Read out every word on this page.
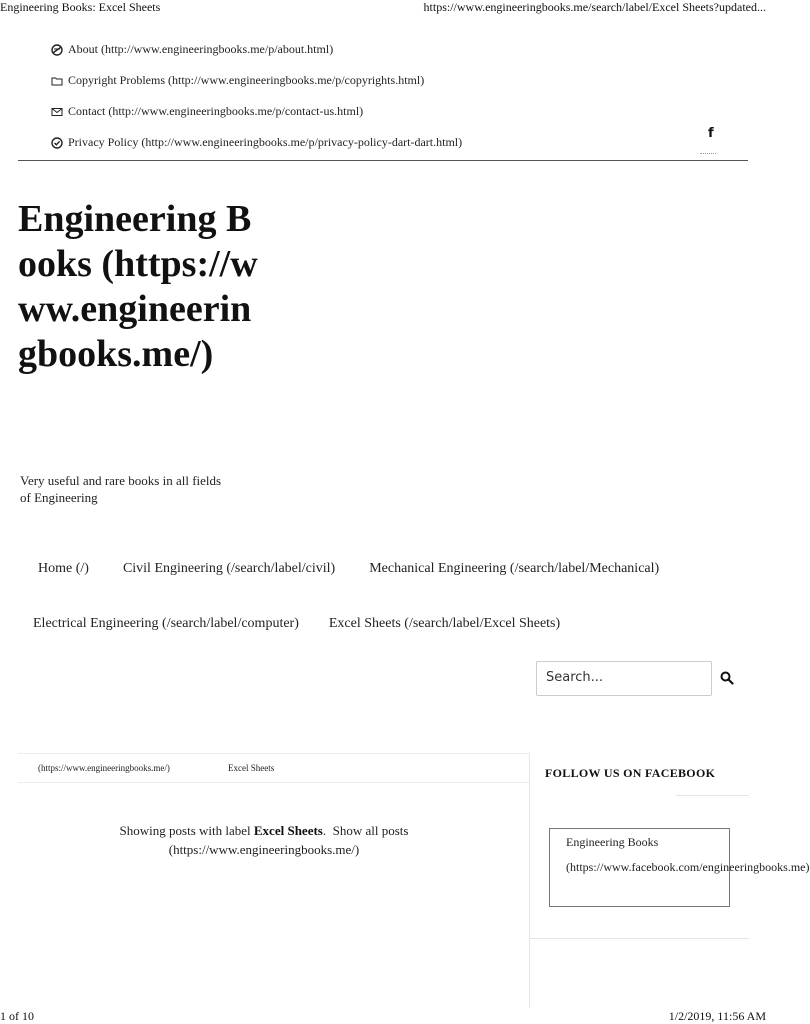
Engineering Books: Excel Sheets	https://www.engineeringbooks.me/search/label/Excel Sheets?updated...
About (http://www.engineeringbooks.me/p/about.html)
Copyright Problems (http://www.engineeringbooks.me/p/copyrights.html)
Contact (http://www.engineeringbooks.me/p/contact-us.html)
Privacy Policy (http://www.engineeringbooks.me/p/privacy-policy-dart-dart.html)
f
Engineering Books (https://www.engineeringbooks.me/)
Very useful and rare books in all fields of Engineering
Home (/) Civil Engineering (/search/label/civil) Mechanical Engineering (/search/label/Mechanical)
Electrical Engineering (/search/label/computer) Excel Sheets (/search/label/Excel Sheets)
Search...
(https://www.engineeringbooks.me/)	Excel Sheets
Showing posts with label Excel Sheets. Show all posts
(https://www.engineeringbooks.me/)
FOLLOW US ON FACEBOOK
Engineering Books (https://www.facebook.com/engineeringbooks.me)
1 of 10	1/2/2019, 11:56 AM
